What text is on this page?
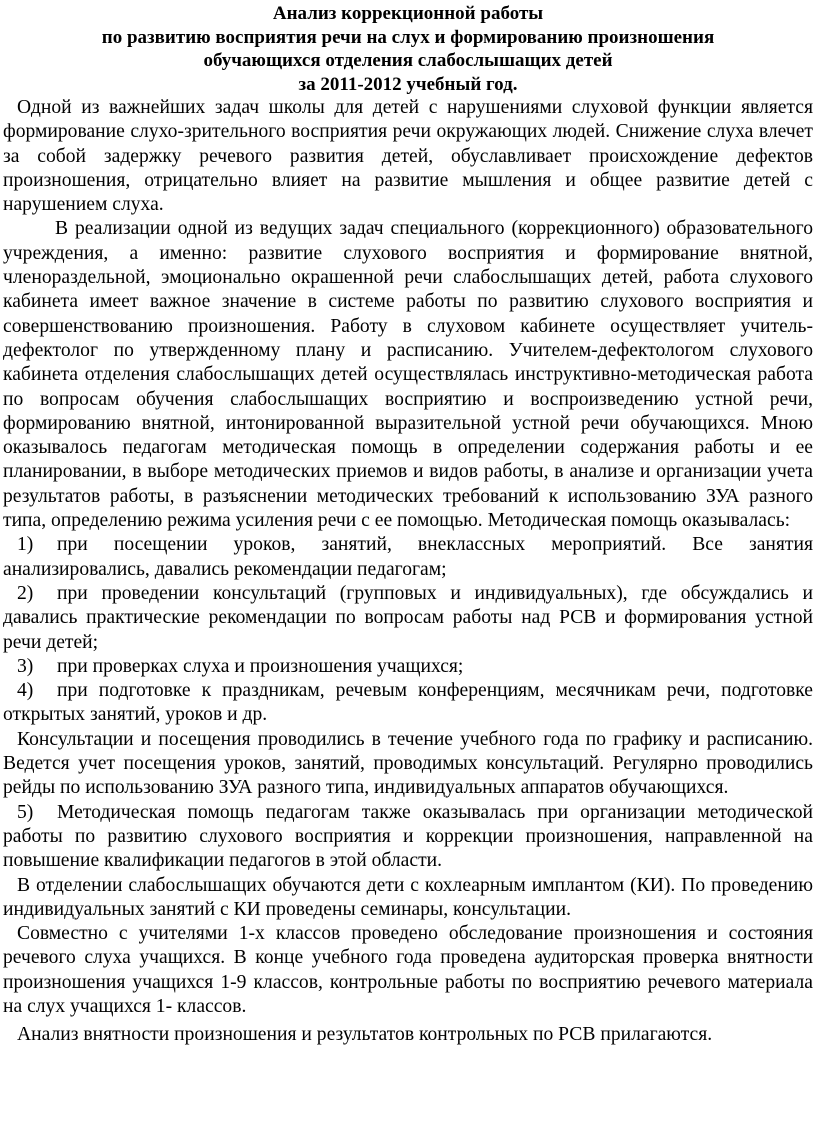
Анализ коррекционной работы
по развитию восприятия речи на слух и формированию произношения
обучающихся отделения слабослышащих детей
за 2011-2012 учебный год.

Одной из важнейших задач школы для детей с нарушениями слуховой функции является формирование слухо-зрительного восприятия речи окружающих людей. Снижение слуха влечет за собой задержку речевого развития детей, обуславливает происхождение дефектов произношения, отрицательно влияет на развитие мышления и общее развитие детей с нарушением слуха.

В реализации одной из ведущих задач специального (коррекционного) образовательного учреждения, а именно: развитие слухового восприятия и формирование внятной, членораздельной, эмоционально окрашенной речи слабослышащих детей, работа слухового кабинета имеет важное значение в системе работы по развитию слухового восприятия и совершенствованию произношения. Работу в слуховом кабинете осуществляет учитель-дефектолог по утвержденному плану и расписанию. Учителем-дефектологом слухового кабинета отделения слабослышащих детей осуществлялась инструктивно-методическая работа по вопросам обучения слабослышащих восприятию и воспроизведению устной речи, формированию внятной, интонированной выразительной устной речи обучающихся. Мною оказывалось педагогам методическая помощь в определении содержания работы и ее планировании, в выборе методических приемов и видов работы, в анализе и организации учета результатов работы, в разъяснении методических требований к использованию ЗУА разного типа, определению режима усиления речи с ее помощью. Методическая помощь оказывалась:

1) при посещении уроков, занятий, внеклассных мероприятий. Все занятия анализировались, давались рекомендации педагогам;

2) при проведении консультаций (групповых и индивидуальных), где обсуждались и давались практические рекомендации по вопросам работы над РСВ и формирования устной речи детей;

3) при проверках слуха и произношения учащихся;

4) при подготовке к праздникам, речевым конференциям, месячникам речи, подготовке открытых занятий, уроков и др.

Консультации и посещения проводились в течение учебного года по графику и расписанию. Ведется учет посещения уроков, занятий, проводимых консультаций. Регулярно проводились рейды по использованию ЗУА разного типа, индивидуальных аппаратов обучающихся.

5) Методическая помощь педагогам также оказывалась при организации методической работы по развитию слухового восприятия и коррекции произношения, направленной на повышение квалификации педагогов в этой области.

В отделении слабослышащих обучаются дети с кохлеарным имплантом (КИ). По проведению индивидуальных занятий с КИ проведены семинары, консультации.

Совместно с учителями 1-х классов проведено обследование произношения и состояния речевого слуха учащихся. В конце учебного года проведена аудиторская проверка внятности произношения учащихся 1-9 классов, контрольные работы по восприятию речевого материала на слух учащихся 1- классов.

Анализ внятности произношения и результатов контрольных по РСВ прилагаются.
